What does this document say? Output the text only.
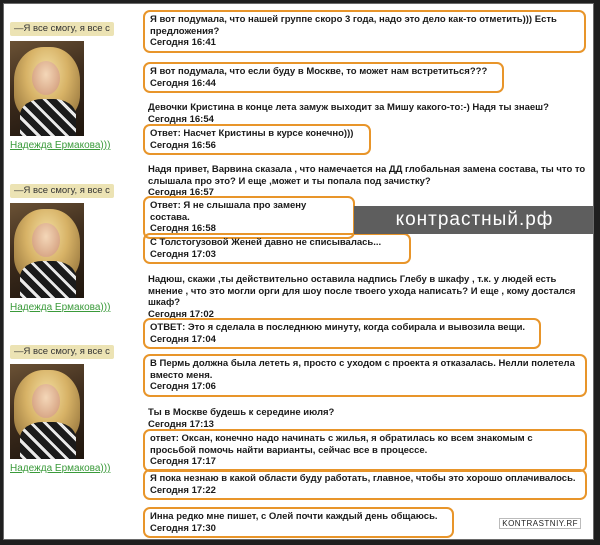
—Я все смогу, я все с
Надежда Ермакова)))
—Я все смогу, я все с
Надежда Ермакова)))
—Я все смогу, я все с
Надежда Ермакова)))
Я вот подумала, что нашей группе скоро 3 года, надо это дело как-то отметить))) Есть предложения?
Сегодня 16:41
Я вот подумала, что если буду в Москве, то может нам встретиться???
Сегодня 16:44
Девочки Кристина в конце лета замуж выходит за Мишу какого-то:-) Надя ты знаеш?
Сегодня 16:54
Ответ: Насчет Кристины в курсе конечно)))
Сегодня 16:56
Надя привет, Варвина сказала , что намечается на ДД глобальная замена состава, ты что то слышала про это? И еще ,может и ты попала под зачистку?
Сегодня 16:57
Ответ: Я не слышала про замену состава.
Сегодня 16:58
С Толстогузовой Женей давно не списывалась...
Сегодня 17:03
Надюш, скажи ,ты действительно оставила надпись Глебу в шкафу , т.к. у людей есть мнение , что это могли орги для шоу после твоего ухода написать? И еще , кому достался шкаф?
Сегодня 17:02
ОТВЕТ: Это я сделала в последнюю минуту, когда собирала и вывозила вещи.
Сегодня 17:04
В Пермь должна была лететь я, просто с уходом с проекта я отказалась. Нелли полетела вместо меня.
Сегодня 17:06
Ты в Москве будешь к середине июля?
Сегодня 17:13
ответ: Оксан, конечно надо начинать с жилья, я обратилась ко всем знакомым с просьбой помочь найти варианты, сейчас все в процессе.
Сегодня 17:17
Я пока незнаю в какой области буду работать, главное, чтобы это хорошо оплачивалось.
Сегодня 17:22
Инна редко мне пишет, с Олей почти каждый день общаюсь.
Сегодня 17:30
контрастный.рф
KONTRASTNIY.RF
